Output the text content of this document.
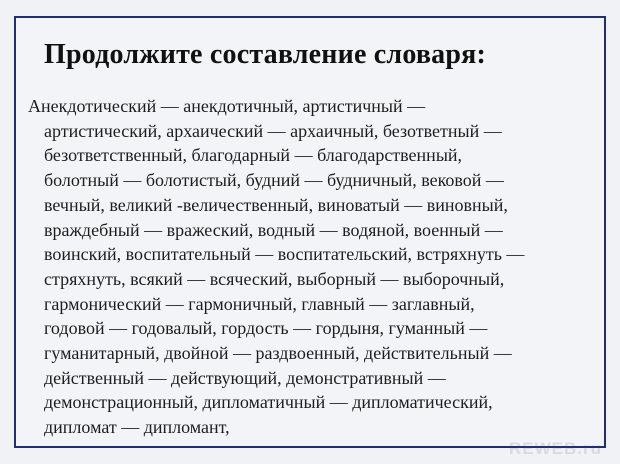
Продолжите составление словаря:
Анекдотический — анекдотичный, артистичный —
артистический, архаический — архаичный, безответный —
безответственный, благодарный — благодарственный,
болотный — болотистый, будний — будничный, вековой —
вечный, великий -величественный, виноватый — виновный,
враждебный — вражеский, водный — водяной, военный —
воинский, воспитательный — воспитательский, встряхнуть —
стряхнуть, всякий — всяческий, выборный — выборочный,
гармонический — гармоничный, главный — заглавный,
годовой — годовалый, гордость — гордыня, гуманный —
гуманитарный, двойной — раздвоенный, действительный —
действенный — действующий, демонстративный —
демонстрационный, дипломатичный — дипломатический,
дипломат — дипломант,
REWEB.ru
